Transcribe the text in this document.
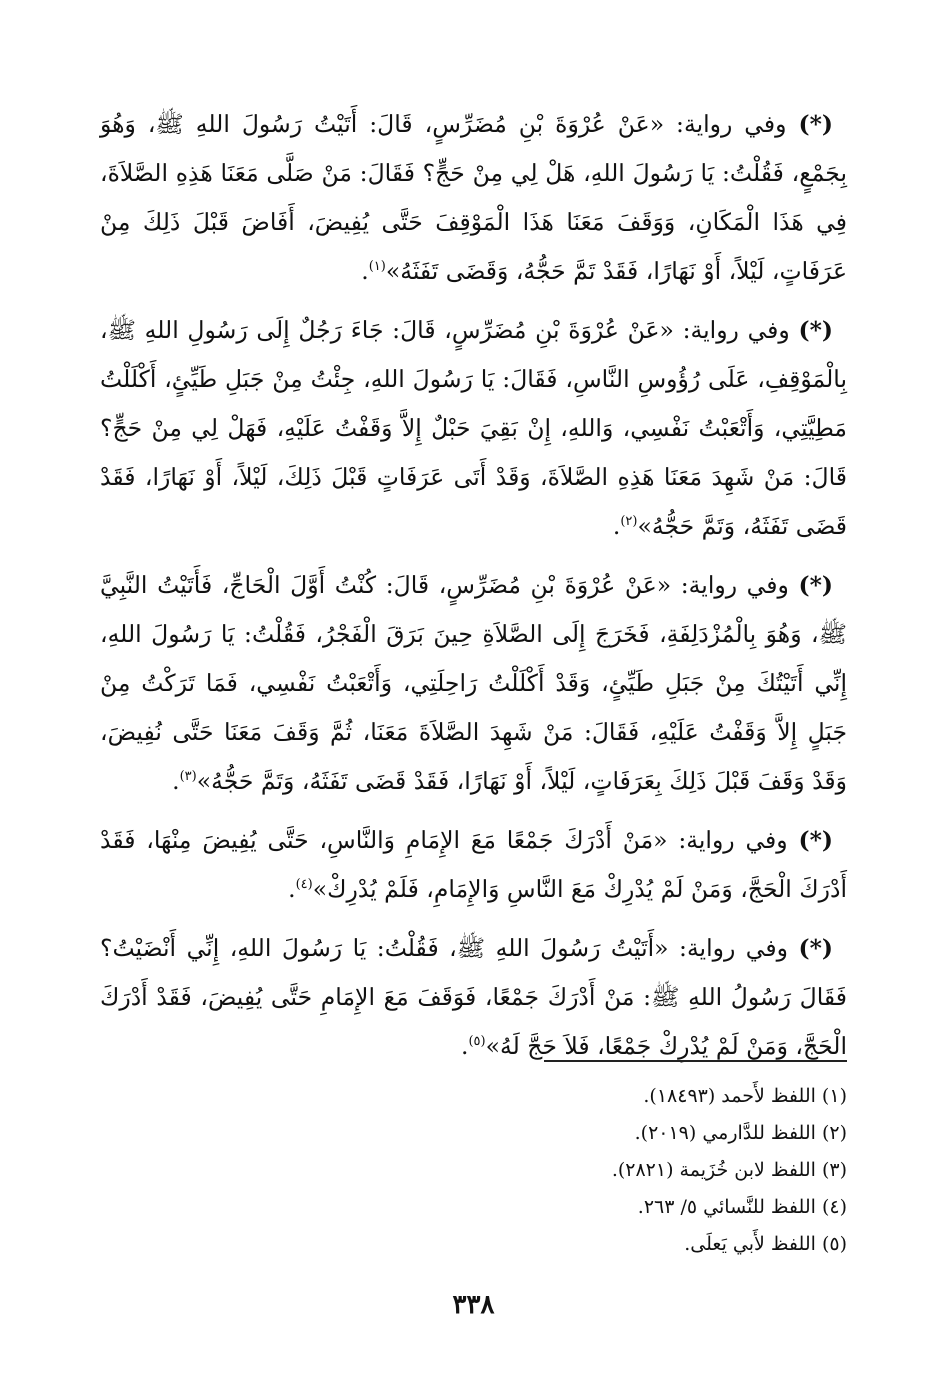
(*) وفي رواية: «عَنْ عُرْوَةَ بْنِ مُضَرِّسٍ، قَالَ: أَتَيْتُ رَسُولَ اللهِ ﷺ، وَهُوَ بِجَمْعٍ، فَقُلْتُ: يَا رَسُولَ اللهِ، هَلْ لِي مِنْ حَجٍّ؟ فَقَالَ: مَنْ صَلَّى مَعَنَا هَذِهِ الصَّلاَةَ، فِي هَذَا الْمَكَانِ، وَوَقَفَ مَعَنَا هَذَا الْمَوْقِفَ حَتَّى يُفِيضَ، أَفَاضَ قَبْلَ ذَلِكَ مِنْ عَرَفَاتٍ، لَيْلاً، أَوْ نَهَارًا، فَقَدْ تَمَّ حَجُّهُ، وَقَضَى تَفَثَهُ»$^{(١)}$.

(*) وفي رواية: «عَنْ عُرْوَةَ بْنِ مُضَرِّسٍ، قَالَ: جَاءَ رَجُلٌ إِلَى رَسُولِ اللهِ ﷺ، بِالْمَوْقِفِ، عَلَى رُؤُوسِ النَّاسِ، فَقَالَ: يَا رَسُولَ اللهِ، جِئْتُ مِنْ جَبَلِ طَيِّئٍ، أَكْلَلْتُ مَطِيَّتِي، وَأَتْعَبْتُ نَفْسِي، وَاللهِ، إِنْ بَقِيَ حَبْلٌ إِلاَّ وَقَفْتُ عَلَيْهِ، فَهَلْ لِي مِنْ حَجٍّ؟ قَالَ: مَنْ شَهِدَ مَعَنَا هَذِهِ الصَّلاَةَ، وَقَدْ أَتَى عَرَفَاتٍ قَبْلَ ذَلِكَ، لَيْلاً، أَوْ نَهَارًا، فَقَدْ قَضَى تَفَثَهُ، وَتَمَّ حَجُّهُ»$^{(٢)}$.

(*) وفي رواية: «عَنْ عُرْوَةَ بْنِ مُضَرِّسٍ، قَالَ: كُنْتُ أَوَّلَ الْحَاجِّ، فَأَتَيْتُ النَّبِيَّ ﷺ، وَهُوَ بِالْمُزْدَلِفَةِ، فَخَرَجَ إِلَى الصَّلاَةِ حِينَ بَرَقَ الْفَجْرُ، فَقُلْتُ: يَا رَسُولَ اللهِ، إِنِّي أَتَيْتُكَ مِنْ جَبَلِ طَيِّئٍ، وَقَدْ أَكْلَلْتُ رَاحِلَتِي، وَأَتْعَبْتُ نَفْسِي، فَمَا تَرَكْتُ مِنْ جَبَلٍ إِلاَّ وَقَفْتُ عَلَيْهِ، فَقَالَ: مَنْ شَهِدَ الصَّلاَةَ مَعَنَا، ثُمَّ وَقَفَ مَعَنَا حَتَّى نُفِيضَ، وَقَدْ وَقَفَ قَبْلَ ذَلِكَ بِعَرَفَاتٍ، لَيْلاً، أَوْ نَهَارًا، فَقَدْ قَضَى تَفَثَهُ، وَتَمَّ حَجُّهُ»$^{(٣)}$.

(*) وفي رواية: «مَنْ أَدْرَكَ جَمْعًا مَعَ الإِمَامِ وَالنَّاسِ، حَتَّى يُفِيضَ مِنْهَا، فَقَدْ أَدْرَكَ الْحَجَّ، وَمَنْ لَمْ يُدْرِكْ مَعَ النَّاسِ وَالإِمَامِ، فَلَمْ يُدْرِكْ»$^{(٤)}$.

(*) وفي رواية: «أَتَيْتُ رَسُولَ اللهِ ﷺ، فَقُلْتُ: يَا رَسُولَ اللهِ، إِنِّي أَنْضَيْتُ؟ فَقَالَ رَسُولُ اللهِ ﷺ: مَنْ أَدْرَكَ جَمْعًا، فَوَقَفَ مَعَ الإِمَامِ حَتَّى يُفِيضَ، فَقَدْ أَدْرَكَ الْحَجَّ، وَمَنْ لَمْ يُدْرِكْ جَمْعًا، فَلاَ حَجَّ لَهُ»$^{(٥)}$.

(١) اللفظ لأَحمد (١٨٤٩٣).

(٢) اللفظ للدَّارمي (٢٠١٩).

(٣) اللفظ لابن خُزَيمة (٢٨٢١).

(٤) اللفظ للنَّسائي ٥/ ٢٦٣.

(٥) اللفظ لأَبي يَعلَى.

٣٣٨
